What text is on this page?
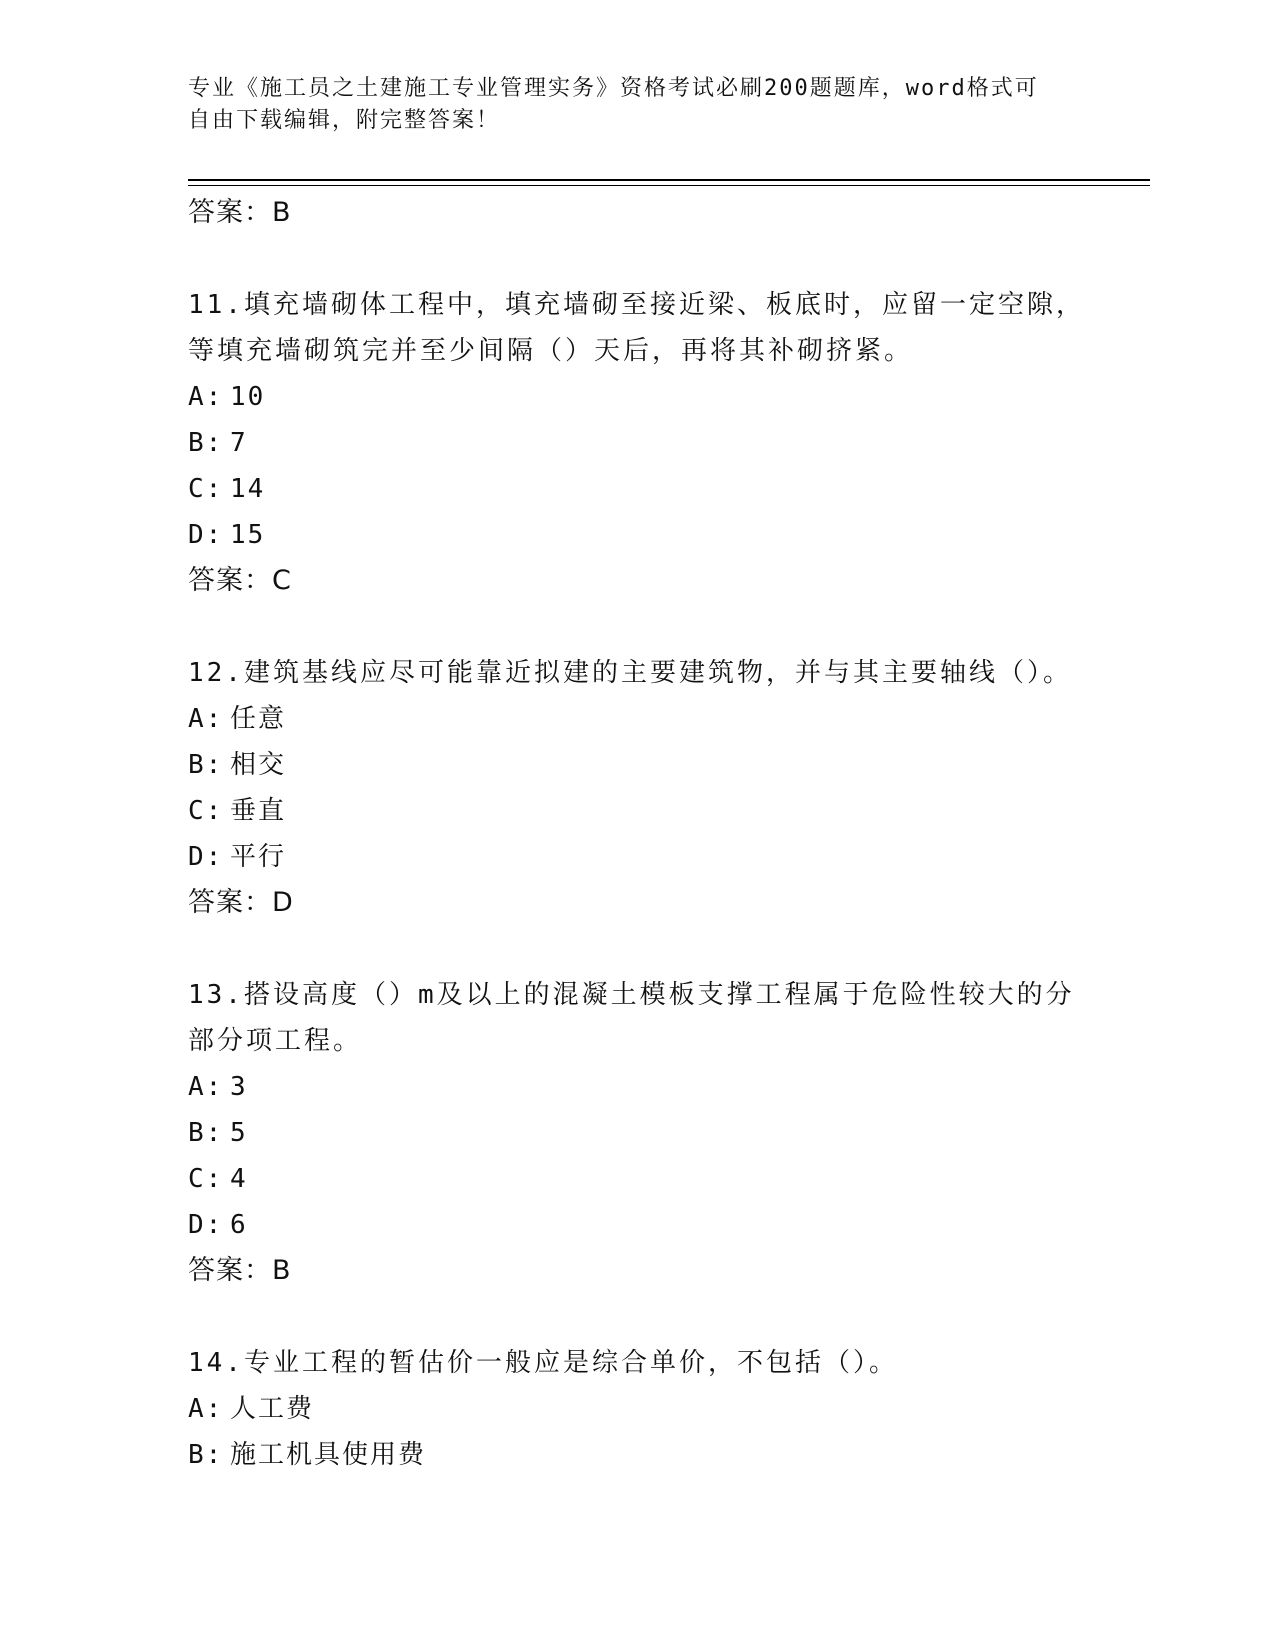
专业《施工员之土建施工专业管理实务》资格考试必刷200题题库，word格式可
自由下载编辑，附完整答案！
答案：B
11.填充墙砌体工程中，填充墙砌至接近梁、板底时，应留一定空隙，
等填充墙砌筑完并至少间隔（）天后，再将其补砌挤紧。
A: 10
B: 7
C: 14
D: 15
答案：C
12.建筑基线应尽可能靠近拟建的主要建筑物，并与其主要轴线（）。
A: 任意
B: 相交
C: 垂直
D: 平行
答案：D
13.搭设高度（）m及以上的混凝土模板支撑工程属于危险性较大的分
部分项工程。
A: 3
B: 5
C: 4
D: 6
答案：B
14.专业工程的暂估价一般应是综合单价，不包括（）。
A: 人工费
B: 施工机具使用费
